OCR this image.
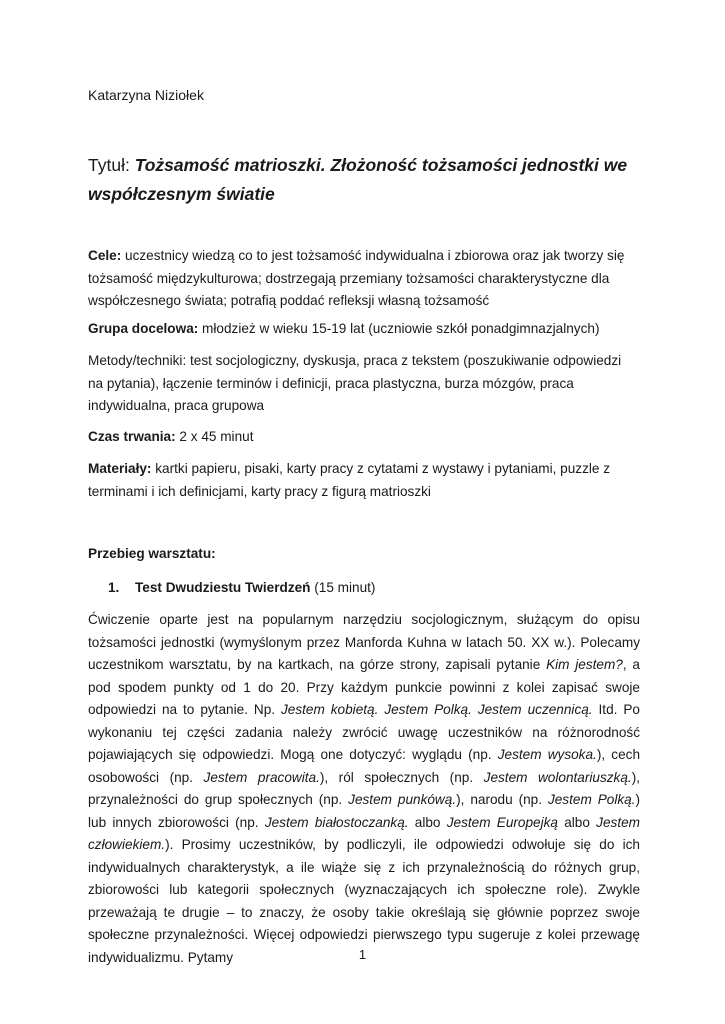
Katarzyna Niziołek
Tytuł: Tożsamość matrioszki. Złożoność tożsamości jednostki we współczesnym światie
Cele: uczestnicy wiedzą co to jest tożsamość indywidualna i zbiorowa oraz jak tworzy się tożsamość międzykulturowa; dostrzegają przemiany tożsamości charakterystyczne dla współczesnego świata; potrafią poddać refleksji własną tożsamość
Grupa docelowa: młodzież w wieku 15-19 lat (uczniowie szkół ponadgimnazjalnych)
Metody/techniki: test socjologiczny, dyskusja, praca z tekstem (poszukiwanie odpowiedzi na pytania), łączenie terminów i definicji, praca plastyczna, burza mózgów, praca indywidualna, praca grupowa
Czas trwania: 2 x 45 minut
Materiały: kartki papieru, pisaki, karty pracy z cytatami z wystawy i pytaniami, puzzle z terminami i ich definicjami, karty pracy z figurą matrioszki
Przebieg warsztatu:
1. Test Dwudziestu Twierdzeń (15 minut)
Ćwiczenie oparte jest na popularnym narzędziu socjologicznym, służącym do opisu tożsamości jednostki (wymyślonym przez Manforda Kuhna w latach 50. XX w.). Polecamy uczestnikom warsztatu, by na kartkach, na górze strony, zapisali pytanie Kim jestem?, a pod spodem punkty od 1 do 20. Przy każdym punkcie powinni z kolei zapisać swoje odpowiedzi na to pytanie. Np. Jestem kobietą. Jestem Polką. Jestem uczennicą. Itd. Po wykonaniu tej części zadania należy zwrócić uwagę uczestników na różnorodność pojawiających się odpowiedzi. Mogą one dotyczyć: wyglądu (np. Jestem wysoka.), cech osobowości (np. Jestem pracowita.), ról społecznych (np. Jestem wolontariuszką.), przynależności do grup społecznych (np. Jestem punkówą.), narodu (np. Jestem Polką.) lub innych zbiorowości (np. Jestem białostoczanką. albo Jestem Europejką albo Jestem człowiekiem.). Prosimy uczestników, by podliczyli, ile odpowiedzi odwołuje się do ich indywidualnych charakterystyk, a ile wiąże się z ich przynależnością do różnych grup, zbiorowości lub kategorii społecznych (wyznaczających ich społeczne role). Zwykle przeważają te drugie – to znaczy, że osoby takie określają się głównie poprzez swoje społeczne przynależności. Więcej odpowiedzi pierwszego typu sugeruje z kolei przewagę indywidualizmu. Pytamy	1
